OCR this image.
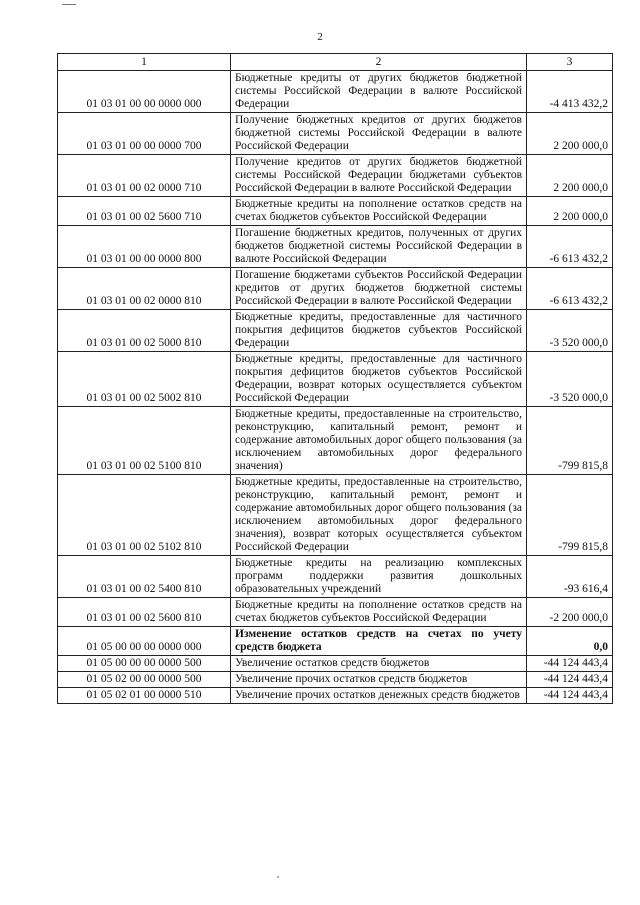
2
1	2	3
01 03 01 00 00 0000 000	Бюджетные кредиты от других бюджетов бюджетной системы Российской Федерации в валюте Российской Федерации	-4 413 432,2
01 03 01 00 00 0000 700	Получение бюджетных кредитов от других бюджетов бюджетной системы Российской Федерации в валюте Российской Федерации	2 200 000,0
01 03 01 00 02 0000 710	Получение кредитов от других бюджетов бюджетной системы Российской Федерации бюджетами субъектов Российской Федерации в валюте Российской Федерации	2 200 000,0
01 03 01 00 02 5600 710	Бюджетные кредиты на пополнение остатков средств на счетах бюджетов субъектов Российской Федерации	2 200 000,0
01 03 01 00 00 0000 800	Погашение бюджетных кредитов, полученных от других бюджетов бюджетной системы Российской Федерации в валюте Российской Федерации	-6 613 432,2
01 03 01 00 02 0000 810	Погашение бюджетами субъектов Российской Федерации кредитов от других бюджетов бюджетной системы Российской Федерации в валюте Российской Федерации	-6 613 432,2
01 03 01 00 02 5000 810	Бюджетные кредиты, предоставленные для частичного покрытия дефицитов бюджетов субъектов Российской Федерации	-3 520 000,0
01 03 01 00 02 5002 810	Бюджетные кредиты, предоставленные для частичного покрытия дефицитов бюджетов субъектов Российской Федерации, возврат которых осуществляется субъектом Российской Федерации	-3 520 000,0
01 03 01 00 02 5100 810	Бюджетные кредиты, предоставленные на строительство, реконструкцию, капитальный ремонт, ремонт и содержание автомобильных дорог общего пользования (за исключением автомобильных дорог федерального значения)	-799 815,8
01 03 01 00 02 5102 810	Бюджетные кредиты, предоставленные на строительство, реконструкцию, капитальный ремонт, ремонт и содержание автомобильных дорог общего пользования (за исключением автомобильных дорог федерального значения), возврат которых осуществляется субъектом Российской Федерации	-799 815,8
01 03 01 00 02 5400 810	Бюджетные кредиты на реализацию комплексных программ поддержки развития дошкольных образовательных учреждений	-93 616,4
01 03 01 00 02 5600 810	Бюджетные кредиты на пополнение остатков средств на счетах бюджетов субъектов Российской Федерации	-2 200 000,0
01 05 00 00 00 0000 000	Изменение остатков средств на счетах по учету средств бюджета	0,0
01 05 00 00 00 0000 500	Увеличение остатков средств бюджетов	-44 124 443,4
01 05 02 00 00 0000 500	Увеличение прочих остатков средств бюджетов	-44 124 443,4
01 05 02 01 00 0000 510	Увеличение прочих остатков денежных средств бюджетов	-44 124 443,4
